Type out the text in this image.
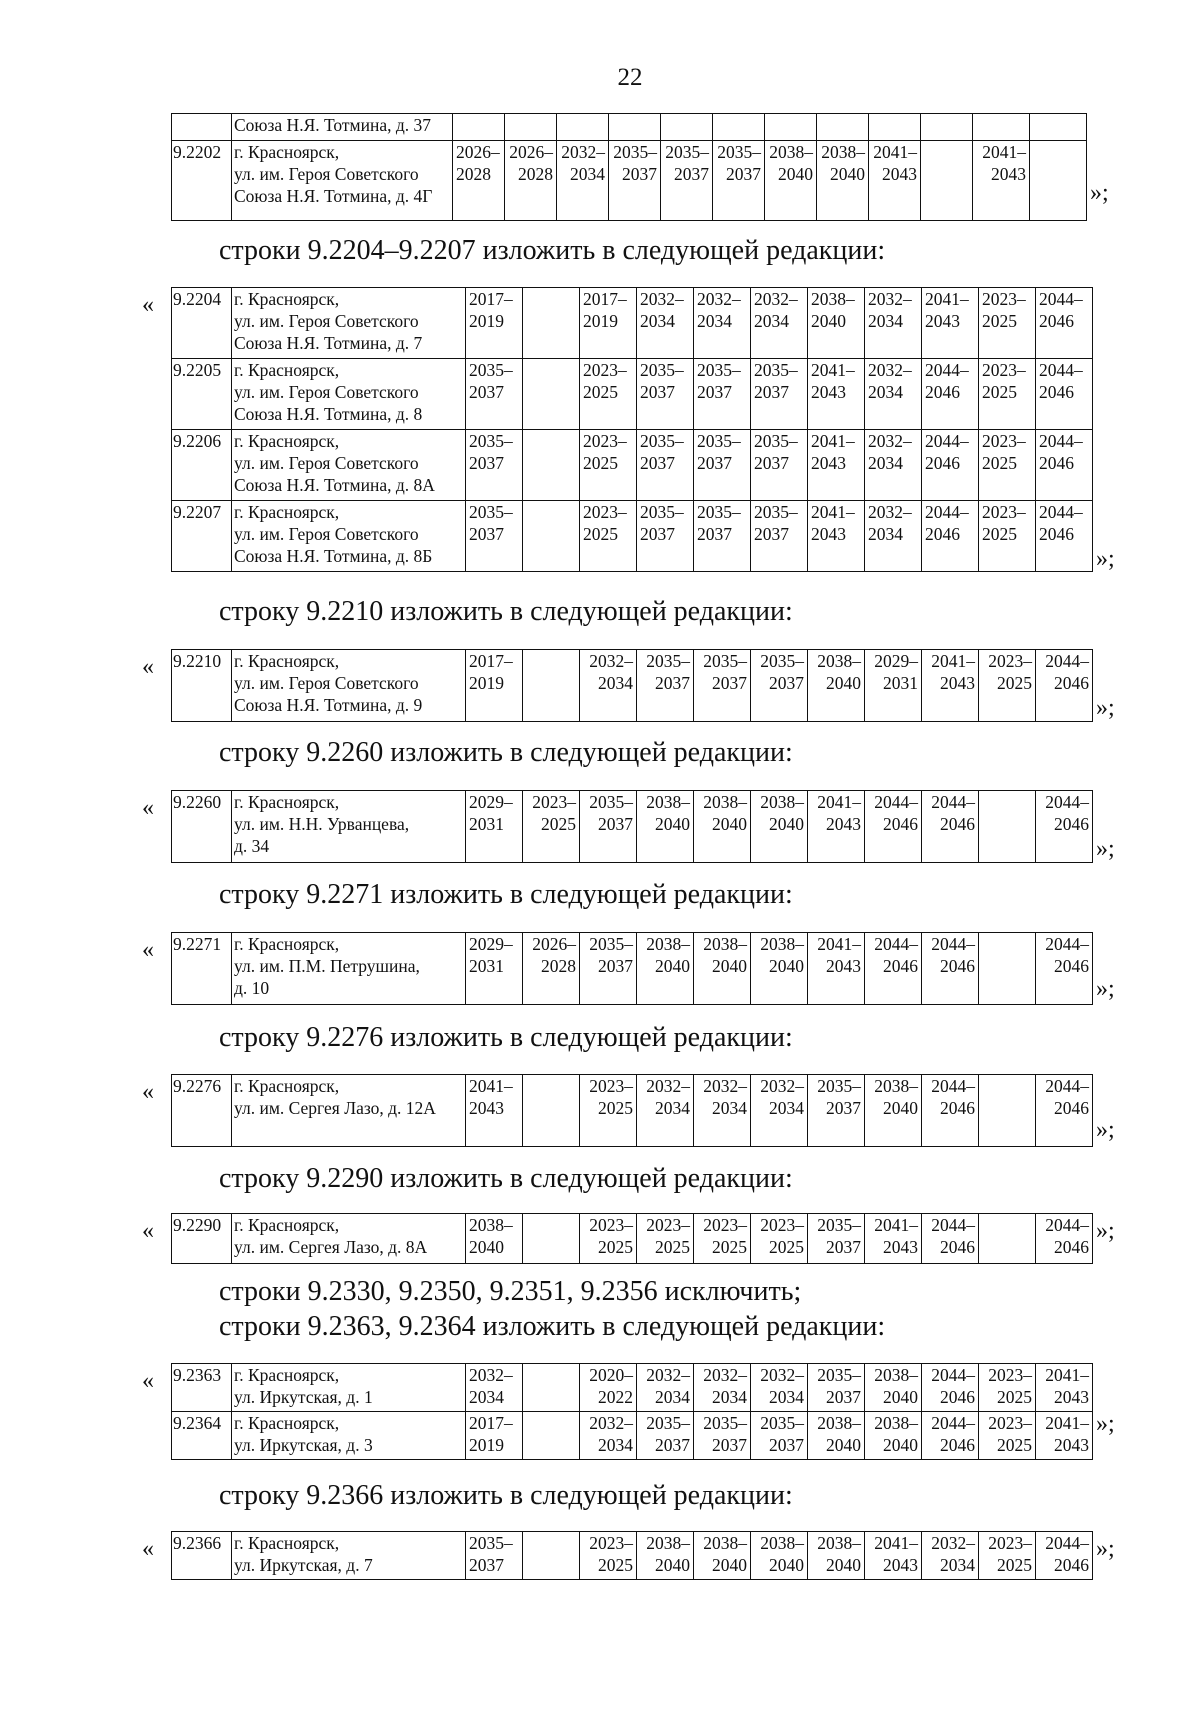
22
	Союза Н.Я. Тотмина, д. 37												
9.2202	г. Красноярск,
ул. им. Героя Советского
Союза Н.Я. Тотмина, д. 4Г	2026–
2028	2026–
2028	2032–
2034	2035–
2037	2035–
2037	2035–
2037	2038–
2040	2038–
2040	2041–
2043		2041–
2043	
»;
строки 9.2204–9.2207 изложить в следующей редакции:
« 9.2204	г. Красноярск,
ул. им. Героя Советского
Союза Н.Я. Тотмина, д. 7	2017–
2019		2017–
2019	2032–
2034	2032–
2034	2032–
2034	2038–
2040	2032–
2034	2041–
2043	2023–
2025	2044–
2046
9.2205	г. Красноярск,
ул. им. Героя Советского
Союза Н.Я. Тотмина, д. 8	2035–
2037		2023–
2025	2035–
2037	2035–
2037	2035–
2037	2041–
2043	2032–
2034	2044–
2046	2023–
2025	2044–
2046
9.2206	г. Красноярск,
ул. им. Героя Советского
Союза Н.Я. Тотмина, д. 8А	2035–
2037		2023–
2025	2035–
2037	2035–
2037	2035–
2037	2041–
2043	2032–
2034	2044–
2046	2023–
2025	2044–
2046
9.2207	г. Красноярск,
ул. им. Героя Советского
Союза Н.Я. Тотмина, д. 8Б	2035–
2037		2023–
2025	2035–
2037	2035–
2037	2035–
2037	2041–
2043	2032–
2034	2044–
2046	2023–
2025	2044–
2046
»;
строку 9.2210 изложить в следующей редакции:
« 9.2210	г. Красноярск,
ул. им. Героя Советского
Союза Н.Я. Тотмина, д. 9	2017–
2019		2032–
2034	2035–
2037	2035–
2037	2035–
2037	2038–
2040	2029–
2031	2041–
2043	2023–
2025	2044–
2046
»;
строку 9.2260 изложить в следующей редакции:
« 9.2260	г. Красноярск,
ул. им. Н.Н. Урванцева,
д. 34	2029–
2031	2023–
2025	2035–
2037	2038–
2040	2038–
2040	2038–
2040	2041–
2043	2044–
2046	2044–
2046		2044–
2046
»;
строку 9.2271 изложить в следующей редакции:
« 9.2271	г. Красноярск,
ул. им. П.М. Петрушина,
д. 10	2029–
2031	2026–
2028	2035–
2037	2038–
2040	2038–
2040	2038–
2040	2041–
2043	2044–
2046	2044–
2046		2044–
2046
»;
строку 9.2276 изложить в следующей редакции:
« 9.2276	г. Красноярск,
ул. им. Сергея Лазо, д. 12А	2041–
2043		2023–
2025	2032–
2034	2032–
2034	2032–
2034	2035–
2037	2038–
2040	2044–
2046		2044–
2046
»;
строку 9.2290 изложить в следующей редакции:
« 9.2290	г. Красноярск,
ул. им. Сергея Лазо, д. 8А	2038–
2040		2023–
2025	2023–
2025	2023–
2025	2023–
2025	2035–
2037	2041–
2043	2044–
2046		2044–
2046
»;
строки 9.2330, 9.2350, 9.2351, 9.2356 исключить;
строки 9.2363, 9.2364 изложить в следующей редакции:
« 9.2363	г. Красноярск,
ул. Иркутская, д. 1	2032–
2034		2020–
2022	2032–
2034	2032–
2034	2032–
2034	2035–
2037	2038–
2040	2044–
2046	2023–
2025	2041–
2043
9.2364	г. Красноярск,
ул. Иркутская, д. 3	2017–
2019		2032–
2034	2035–
2037	2035–
2037	2035–
2037	2038–
2040	2038–
2040	2044–
2046	2023–
2025	2041–
2043
»;
строку 9.2366 изложить в следующей редакции:
« 9.2366	г. Красноярск,
ул. Иркутская, д. 7	2035–
2037		2023–
2025	2038–
2040	2038–
2040	2038–
2040	2038–
2040	2041–
2043	2032–
2034	2023–
2025	2044–
2046
»;
